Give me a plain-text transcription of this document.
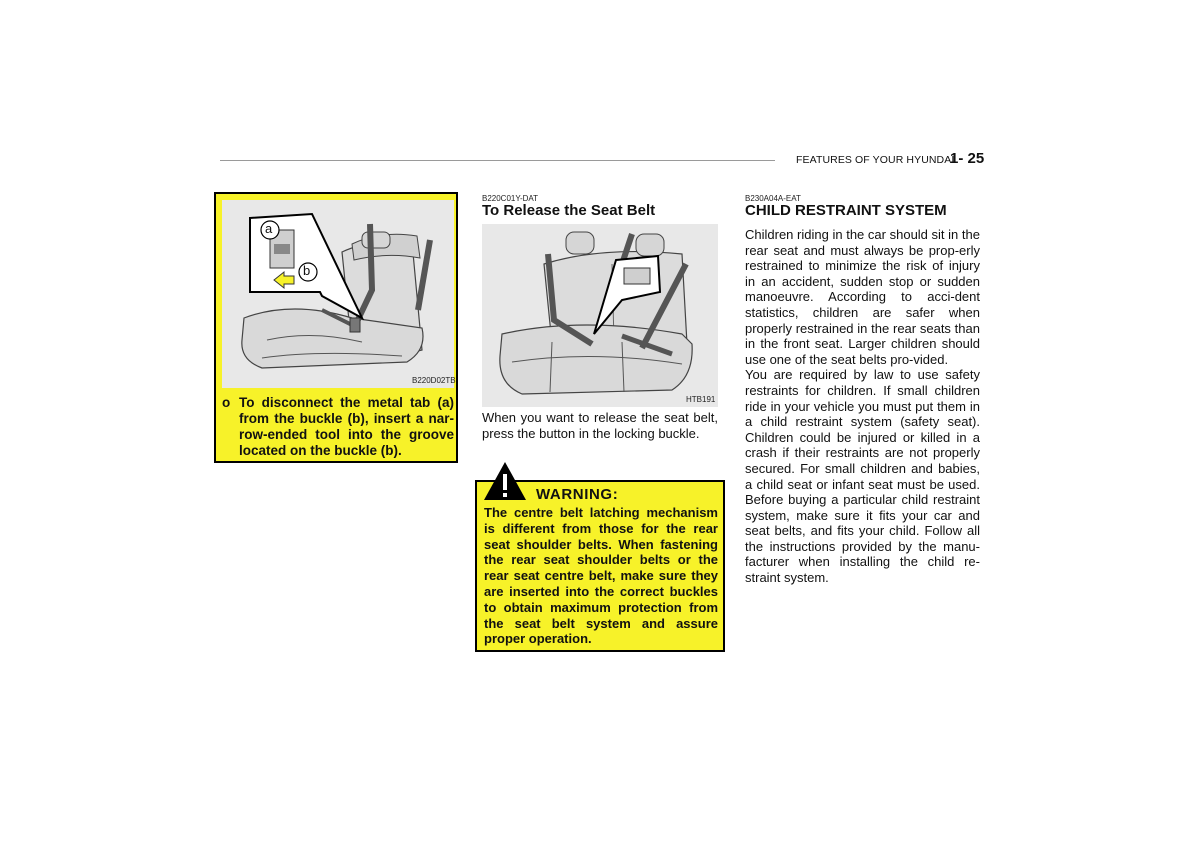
FEATURES OF YOUR HYUNDAI
1- 25
a
b
B220D02TB
o To disconnect the metal tab (a) from the buckle (b), insert a nar-row-ended tool into the groove located on the buckle (b).
B220C01Y-DAT
To Release the Seat Belt
HTB191
When you want to release the seat belt, press the button in the locking buckle.
WARNING:
The centre belt latching mechanism is different from those for the rear seat shoulder belts. When fastening the rear seat shoulder belts or the rear seat centre belt, make sure they are inserted into the correct buckles to obtain maximum protection from the seat belt system and assure proper operation.
B230A04A-EAT
CHILD RESTRAINT SYSTEM
Children riding in the car should sit in the rear seat and must always be prop-erly restrained to minimize the risk of injury in an accident, sudden stop or sudden manoeuvre. According to acci-dent statistics, children are safer when properly restrained in the rear seats than in the front seat. Larger children should use one of the seat belts pro-vided.
You are required by law to use safety restraints for children. If small children ride in your vehicle you must put them in a child restraint system (safety seat). Children could be injured or killed in a crash if their restraints are not properly secured. For small children and babies, a child seat or infant seat must be used. Before buying a particular child restraint system, make sure it fits your car and seat belts, and fits your child. Follow all the instructions provided by the manu-facturer when installing the child re-straint system.
